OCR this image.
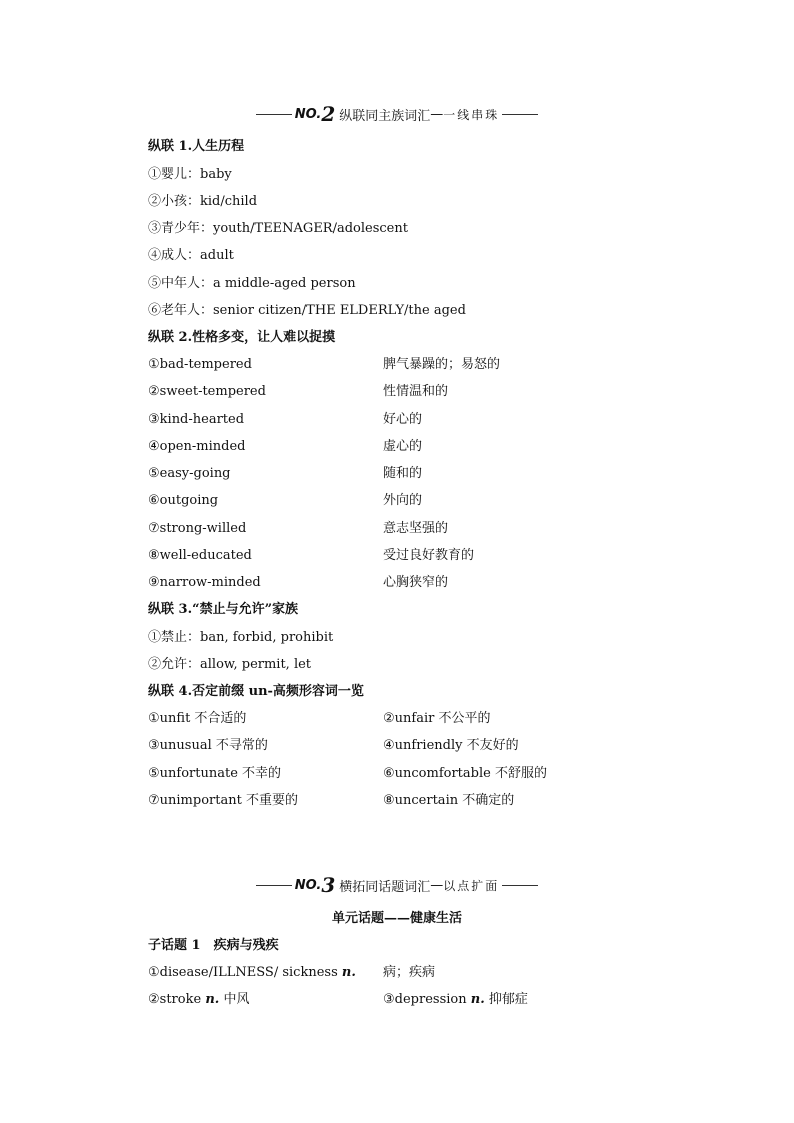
NO. 2 纵联同主族词汇 — 一线串珠
纵联 1.人生历程
①婴儿：baby
②小孩：kid/child
③青少年：youth/TEENAGER/adolescent
④成人：adult
⑤中年人：a middle-aged person
⑥老年人：senior citizen/THE ELDERLY/the aged
纵联 2.性格多变，让人难以捉摸
①bad-tempered	脾气暴躁的；易怒的
②sweet-tempered	性情温和的
③kind-hearted	好心的
④open-minded	虚心的
⑤easy-going	随和的
⑥outgoing	外向的
⑦strong-willed	意志坚强的
⑧well-educated	受过良好教育的
⑨narrow-minded	心胸狭窄的
纵联 3.“禁止与允许”家族
①禁止：ban, forbid, prohibit
②允许：allow, permit, let
纵联 4.否定前缀 un-高频形容词一览
①unfit 不合适的	②unfair 不公平的
③unusual 不寻常的	④unfriendly 不友好的
⑤unfortunate 不幸的	⑥uncomfortable 不舒服的
⑦unimportant 不重要的	⑧uncertain 不确定的
NO. 3 横拓同话题词汇 — 以点扩面
单元话题——健康生活
子话题 1　疾病与残疾
①disease/ILLNESS/ sickness n. 病；疾病
②stroke n. 中风	③depression n. 抑郁症
